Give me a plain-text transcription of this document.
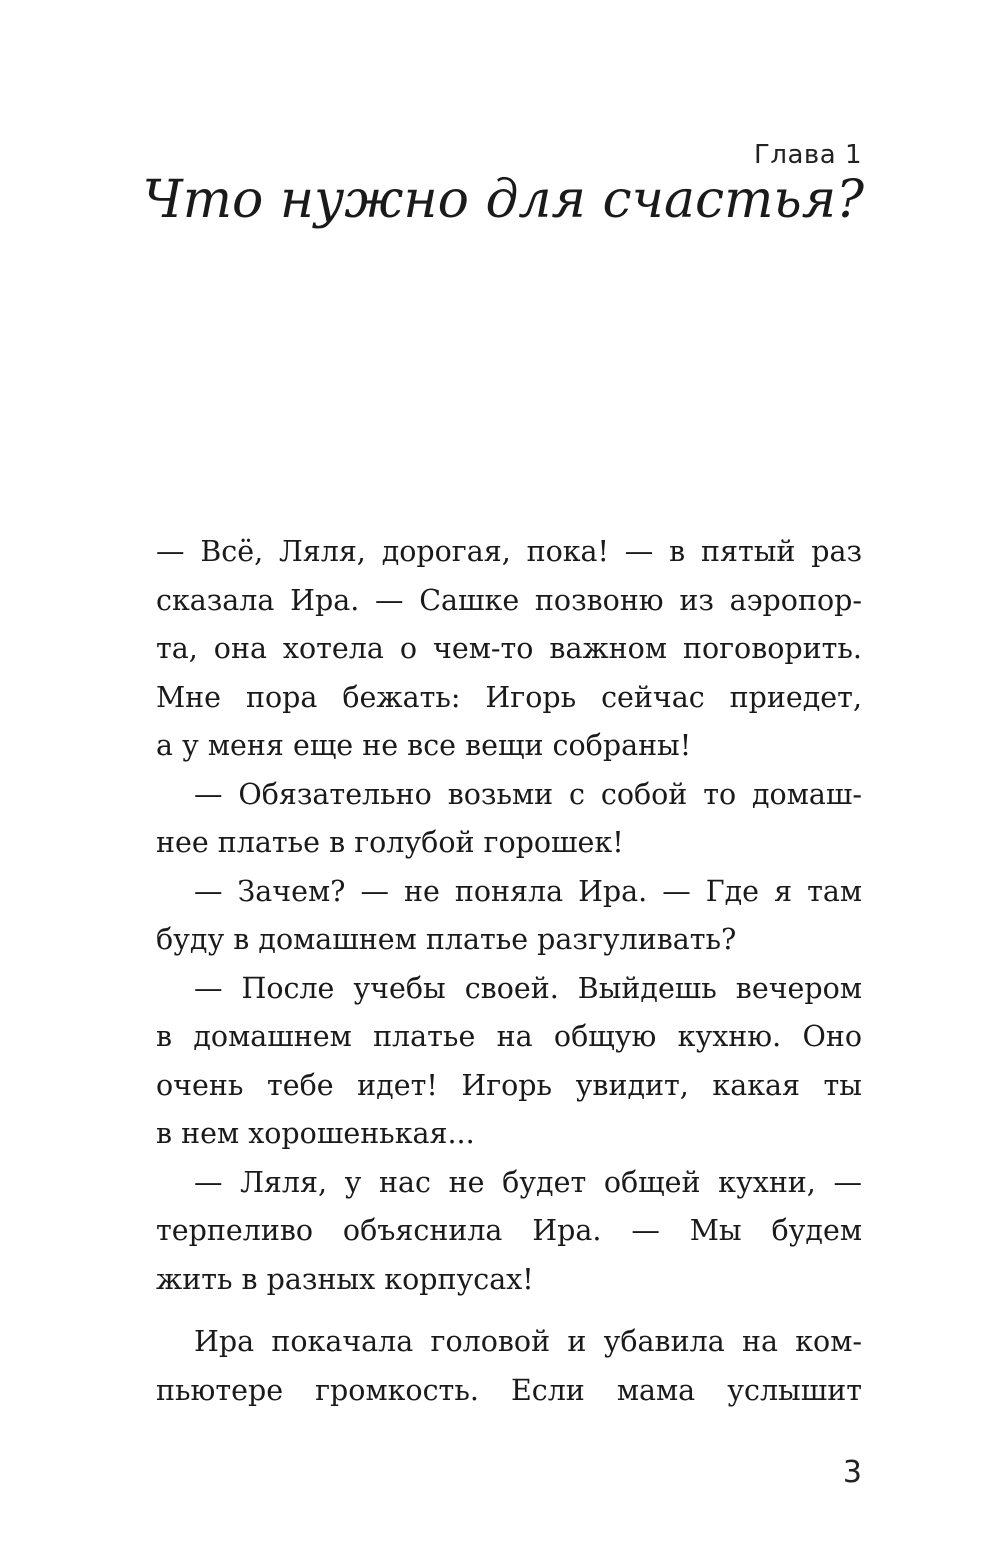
Глава 1
Что нужно для счастья?

— Всё, Ляля, дорогая, пока! — в пятый раз
сказала Ира. — Сашке позвоню из аэропор-
та, она хотела о чем-то важном поговорить.
Мне пора бежать: Игорь сейчас приедет,
а у меня еще не все вещи собраны!

— Обязательно возьми с собой то домаш-
нее платье в голубой горошек!

— Зачем? — не поняла Ира. — Где я там
буду в домашнем платье разгуливать?

— После учебы своей. Выйдешь вечером
в домашнем платье на общую кухню. Оно
очень тебе идет! Игорь увидит, какая ты
в нем хорошенькая...

— Ляля, у нас не будет общей кухни, —
терпеливо объяснила Ира. — Мы будем
жить в разных корпусах!

Ира покачала головой и убавила на ком-
пьютере громкость. Если мама услышит

3
